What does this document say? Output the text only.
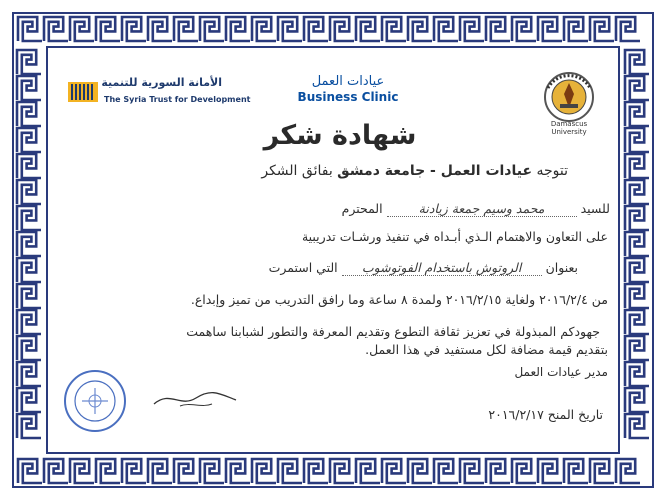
الأمانة السورية للتنمية
The Syria Trust for Development
عيادات العمل
Business Clinic
Damascus University
شهادة شكر
تتوجه عيادات العمل - جامعة دمشق بفائق الشكر
للسيد محمد وسيم جمعة زيادنة المحترم
على التعاون والاهتمام الـذي أبـداه في تنفيذ ورشـات تدريبية
بعنوان الروتوش باستخدام الفوتوشوب التي استمرت
من ٢٠١٦/٢/٤ ولغاية ٢٠١٦/٢/١٥ ولمدة ٨ ساعة وما رافق التدريب من تميز وإبداع.
جهودكم المبذولة في تعزيز ثقافة التطوع وتقديم المعرفة والتطور لشبابنا ساهمت
بتقديم قيمة مضافة لكل مستفيد في هذا العمل.
مدير عيادات العمل
تاريخ المنح ٢٠١٦/٢/١٧
